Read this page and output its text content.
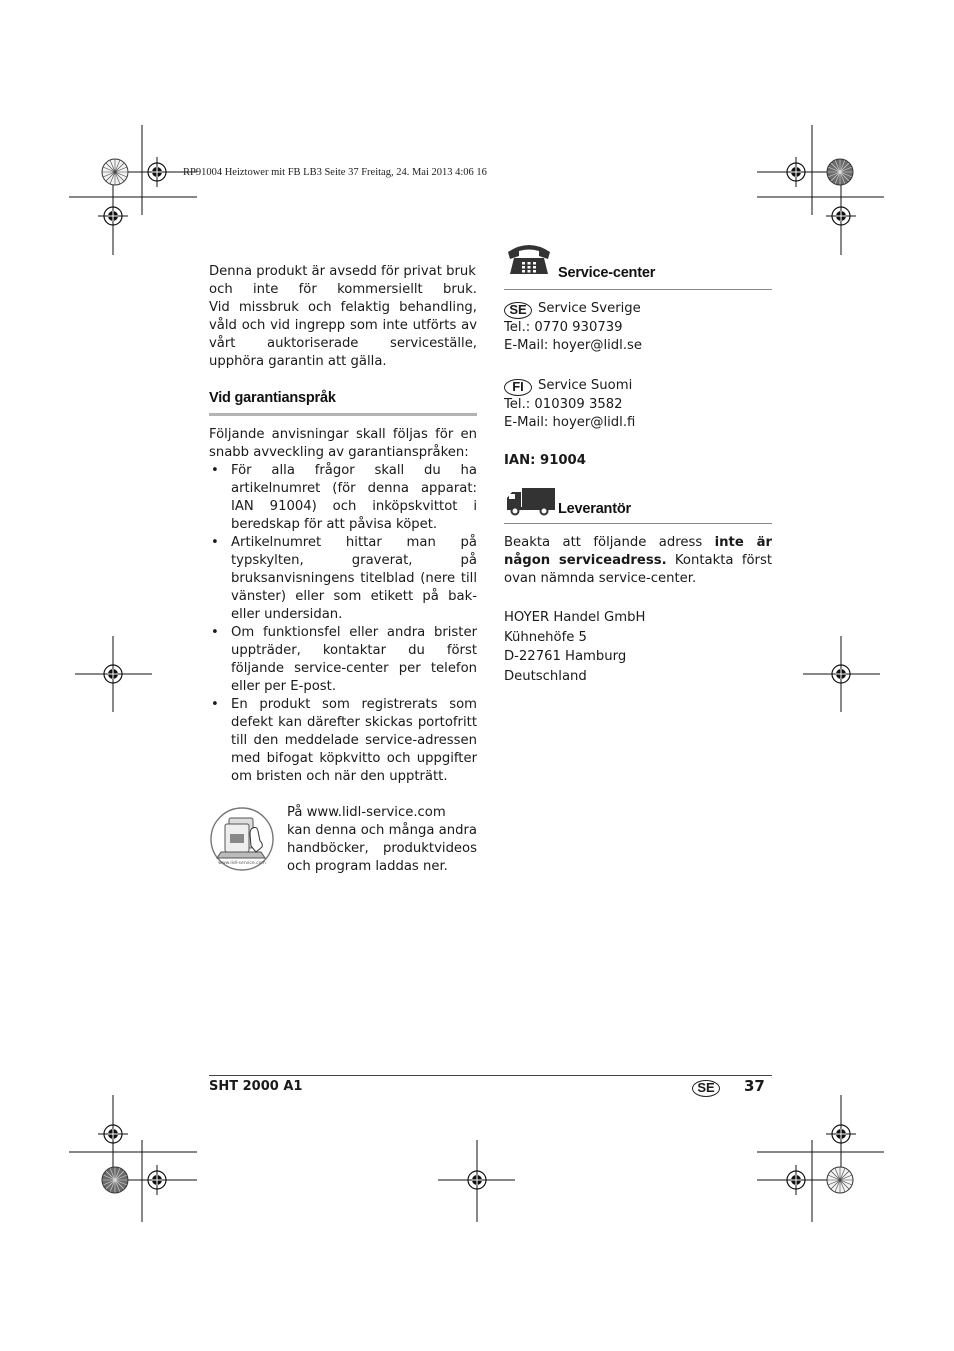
RP91004 Heiztower mit FB LB3 Seite 37 Freitag, 24. Mai 2013 4:06 16

Denna produkt är avsedd för privat bruk och inte för kommersiellt bruk.

Vid missbruk och felaktig behandling, våld och vid ingrepp som inte utförts av vårt auktoriserade serviceställe, upphöra garantin att gälla.

Vid garantianspråk

Följande anvisningar skall följas för en snabb avveckling av garantianspråken:

• För alla frågor skall du ha artikelnumret (för denna apparat: IAN 91004) och inköpskvittot i beredskap för att påvisa köpet.
• Artikelnumret hittar man på typskylten, graverat, på bruksanvisningens titelblad (nere till vänster) eller som etikett på bak-eller undersidan.
• Om funktionsfel eller andra brister uppträder, kontaktar du först följande service-center per telefon eller per E-post.
• En produkt som registrerats som defekt kan därefter skickas portofritt till den meddelade service-adressen med bifogat köpkvitto och uppgifter om bristen och när den uppträtt.
www.lidl-service.com

På www.lidl-service.com

kan denna och många andra handböcker, produktvideos och program laddas ner.

Service-center
SE Service Sverige
Tel.: 0770 930739
E-Mail: hoyer@lidl.se
FI Service Suomi
Tel.: 010309 3582
E-Mail: hoyer@lidl.fi
IAN: 91004
Leverantör

Beakta att följande adress inte är någon serviceadress. Kontakta först ovan nämnda service-center.

HOYER Handel GmbH
Kühnehöfe 5
D-22761 Hamburg
Deutschland
SHT 2000 A1	SE	37
